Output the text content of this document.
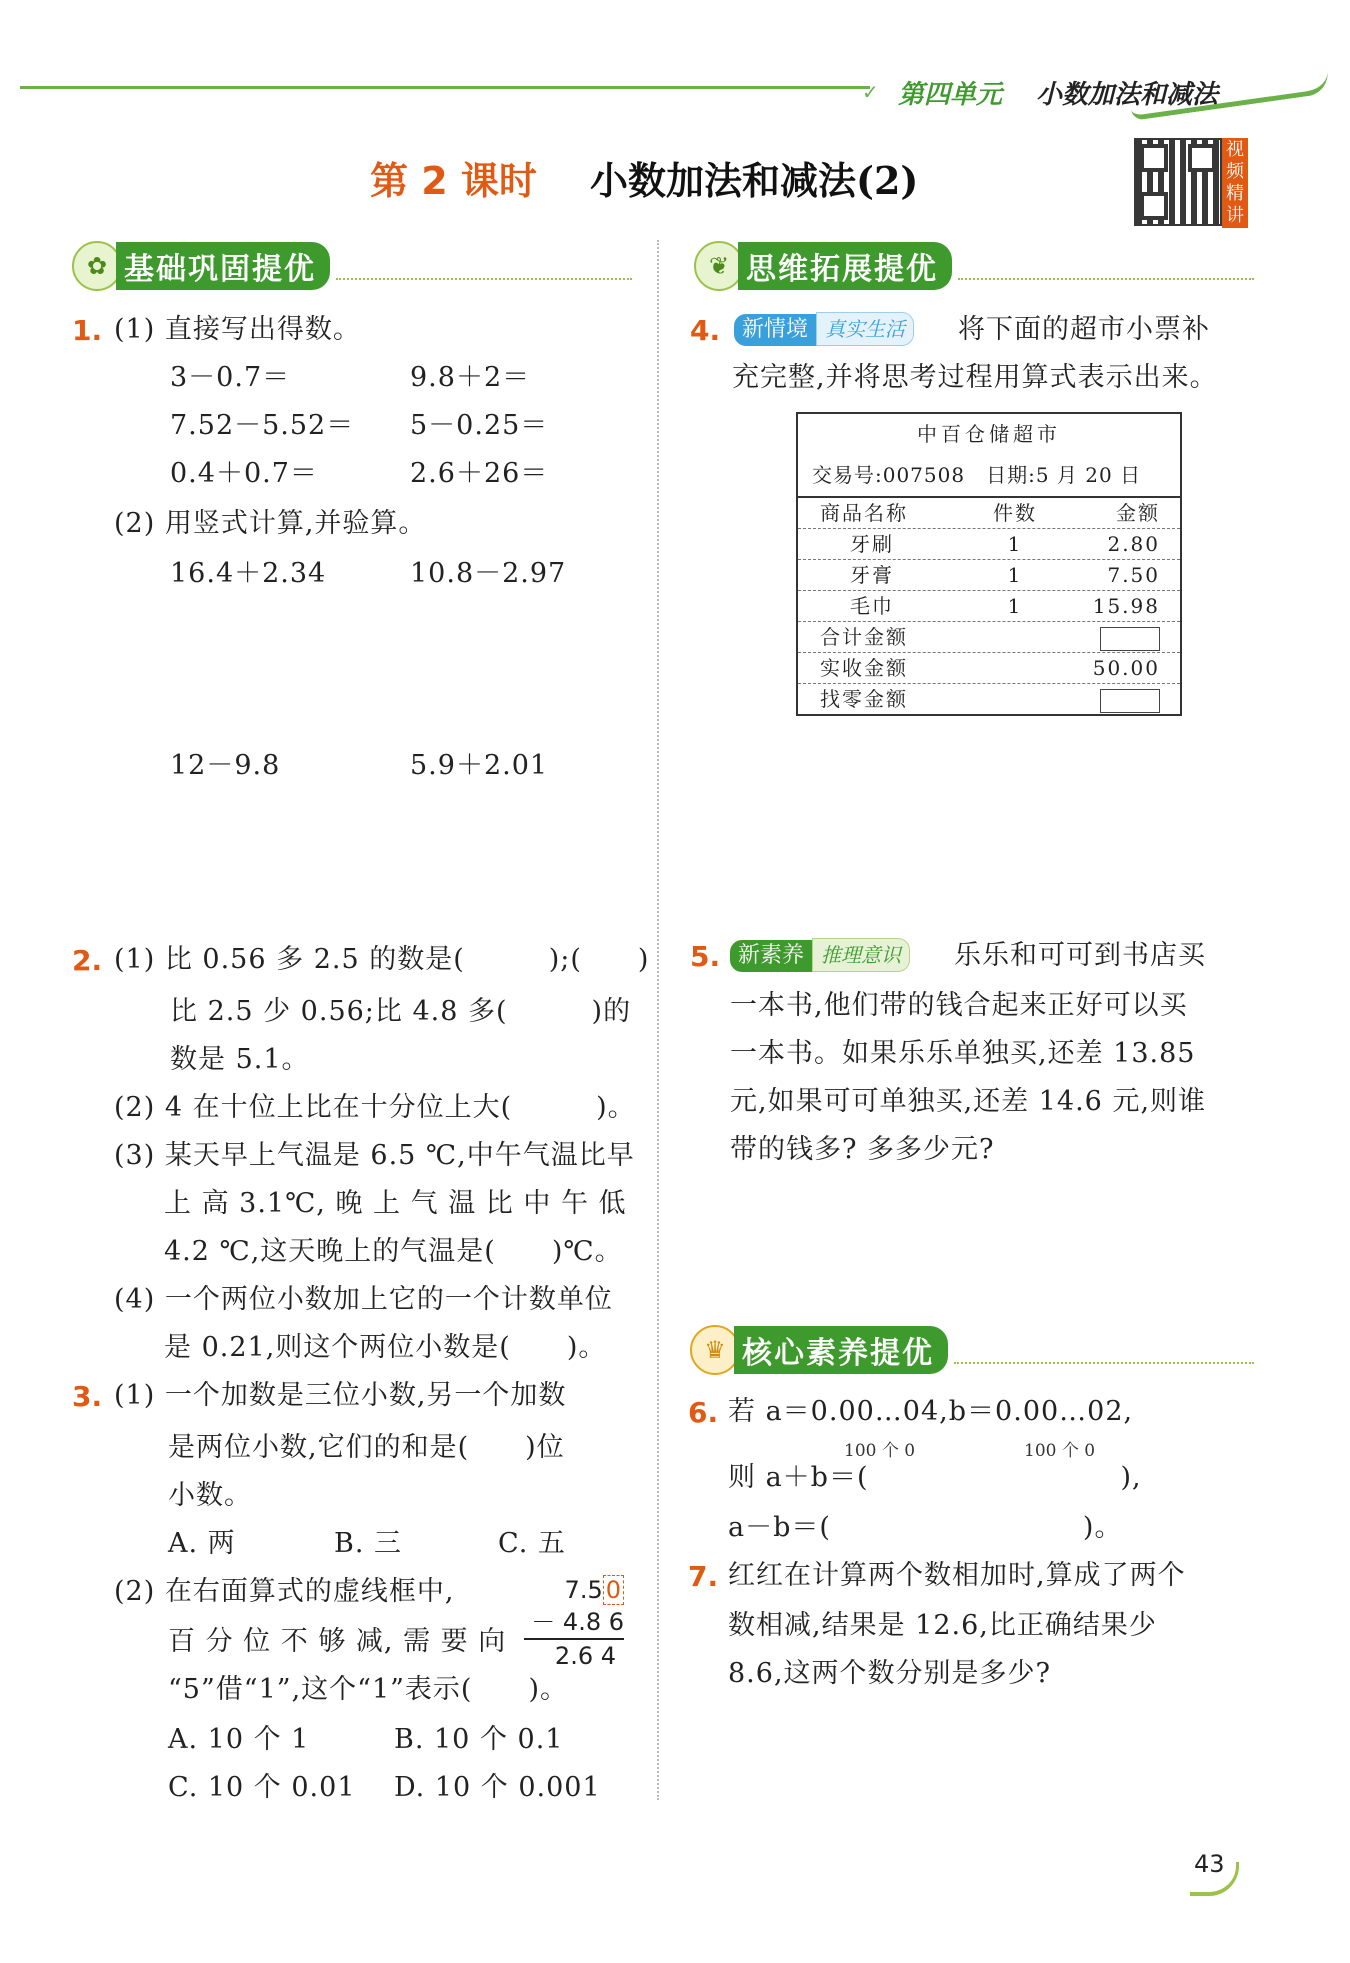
✓ 第四单元 小数加法和减法
第 2 课时 小数加法和减法(2)
视
频
精
讲
✿ 基础巩固提优
1. (1) 直接写出得数。
3－0.7＝	9.8＋2＝
7.52－5.52＝ 5－0.25＝
0.4＋0.7＝	2.6＋26＝
(2) 用竖式计算,并验算。
16.4＋2.34	10.8－2.97
12－9.8	5.9＋2.01
2. (1) 比 0.56 多 2.5 的数是(　　　);(　　)
比 2.5 少 0.56;比 4.8 多(　　　)的
数是 5.1。
(2) 4 在十位上比在十分位上大(　　　)。
(3) 某天早上气温是 6.5 ℃,中午气温比早
上 高 3.1℃, 晚 上 气 温 比 中 午 低
4.2 ℃,这天晚上的气温是(　　)℃。
(4) 一个两位小数加上它的一个计数单位
是 0.21,则这个两位小数是(　　)。
3. (1) 一个加数是三位小数,另一个加数
是两位小数,它们的和是(　　)位
小数。
A. 两	B. 三	C. 五
(2) 在右面算式的虚线框中,
百 分 位 不 够 减, 需 要 向
“5”借“1”,这个“1”表示(　　)。
7.5 0
－ 4.8 6
2.6 4
A. 10 个 1	B. 10 个 0.1
C. 10 个 0.01 D. 10 个 0.001
❦ 思维拓展提优
4. 新情境 真实生活	将下面的超市小票补
充完整,并将思考过程用算式表示出来。
中百仓储超市
交易号:007508　日期:5 月 20 日
商品名称	件数	金额
牙刷	1	2.80
牙膏	1	7.50
毛巾	1	15.98
合计金额
实收金额	50.00
找零金额
5. 新素养 推理意识	乐乐和可可到书店买
一本书,他们带的钱合起来正好可以买
一本书。如果乐乐单独买,还差 13.85
元,如果可可单独买,还差 14.6 元,则谁
带的钱多? 多多少元?
♛ 核心素养提优
6. 若 a＝0.00…04,b＝0.00…02,
100 个 0	100 个 0
则 a＋b＝(　　　　　　　　　),
a－b＝(　　　　　　　　　)。
7. 红红在计算两个数相加时,算成了两个
数相减,结果是 12.6,比正确结果少
8.6,这两个数分别是多少?
43
